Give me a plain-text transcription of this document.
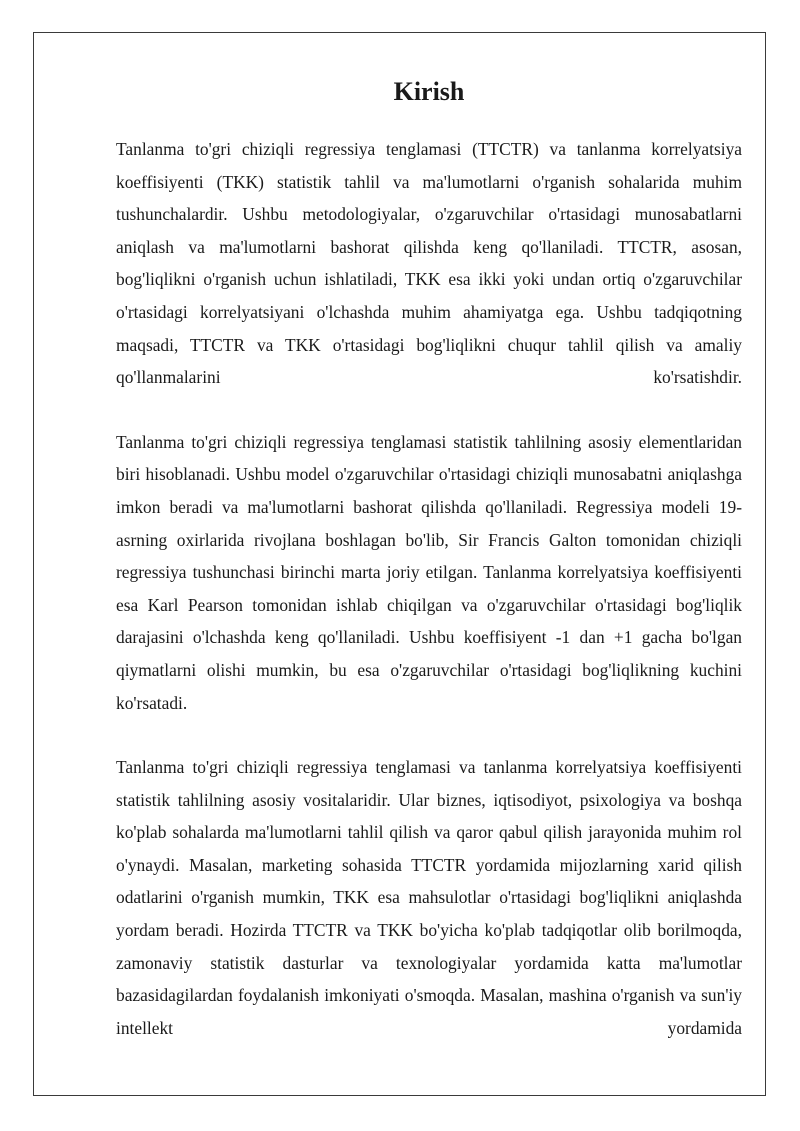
Kirish

Tanlanma to'gri chiziqli regressiya tenglamasi (TTCTR) va tanlanma korrelyatsiya koeffisiyenti (TKK) statistik tahlil va ma'lumotlarni o'rganish sohalarida muhim tushunchalardir. Ushbu metodologiyalar, o'zgaruvchilar o'rtasidagi munosabatlarni aniqlash va ma'lumotlarni bashorat qilishda keng qo'llaniladi. TTCTR, asosan, bog'liqlikni o'rganish uchun ishlatiladi, TKK esa ikki yoki undan ortiq o'zgaruvchilar o'rtasidagi korrelyatsiyani o'lchashda muhim ahamiyatga ega. Ushbu tadqiqotning maqsadi, TTCTR va TKK o'rtasidagi bog'liqlikni chuqur tahlil qilish va amaliy qo'llanmalarini ko'rsatishdir.

Tanlanma to'gri chiziqli regressiya tenglamasi statistik tahlilning asosiy elementlaridan biri hisoblanadi. Ushbu model o'zgaruvchilar o'rtasidagi chiziqli munosabatni aniqlashga imkon beradi va ma'lumotlarni bashorat qilishda qo'llaniladi. Regressiya modeli 19-asrning oxirlarida rivojlana boshlagan bo'lib, Sir Francis Galton tomonidan chiziqli regressiya tushunchasi birinchi marta joriy etilgan. Tanlanma korrelyatsiya koeffisiyenti esa Karl Pearson tomonidan ishlab chiqilgan va o'zgaruvchilar o'rtasidagi bog'liqlik darajasini o'lchashda keng qo'llaniladi. Ushbu koeffisiyent -1 dan +1 gacha bo'lgan qiymatlarni olishi mumkin, bu esa o'zgaruvchilar o'rtasidagi bog'liqlikning kuchini ko'rsatadi.

Tanlanma to'gri chiziqli regressiya tenglamasi va tanlanma korrelyatsiya koeffisiyenti statistik tahlilning asosiy vositalaridir. Ular biznes, iqtisodiyot, psixologiya va boshqa ko'plab sohalarda ma'lumotlarni tahlil qilish va qaror qabul qilish jarayonida muhim rol o'ynaydi. Masalan, marketing sohasida TTCTR yordamida mijozlarning xarid qilish odatlarini o'rganish mumkin, TKK esa mahsulotlar o'rtasidagi bog'liqlikni aniqlashda yordam beradi. Hozirda TTCTR va TKK bo'yicha ko'plab tadqiqotlar olib borilmoqda, zamonaviy statistik dasturlar va texnologiyalar yordamida katta ma'lumotlar bazasidagilardan foydalanish imkoniyati o'smoqda. Masalan, mashina o'rganish va sun'iy intellekt yordamida
